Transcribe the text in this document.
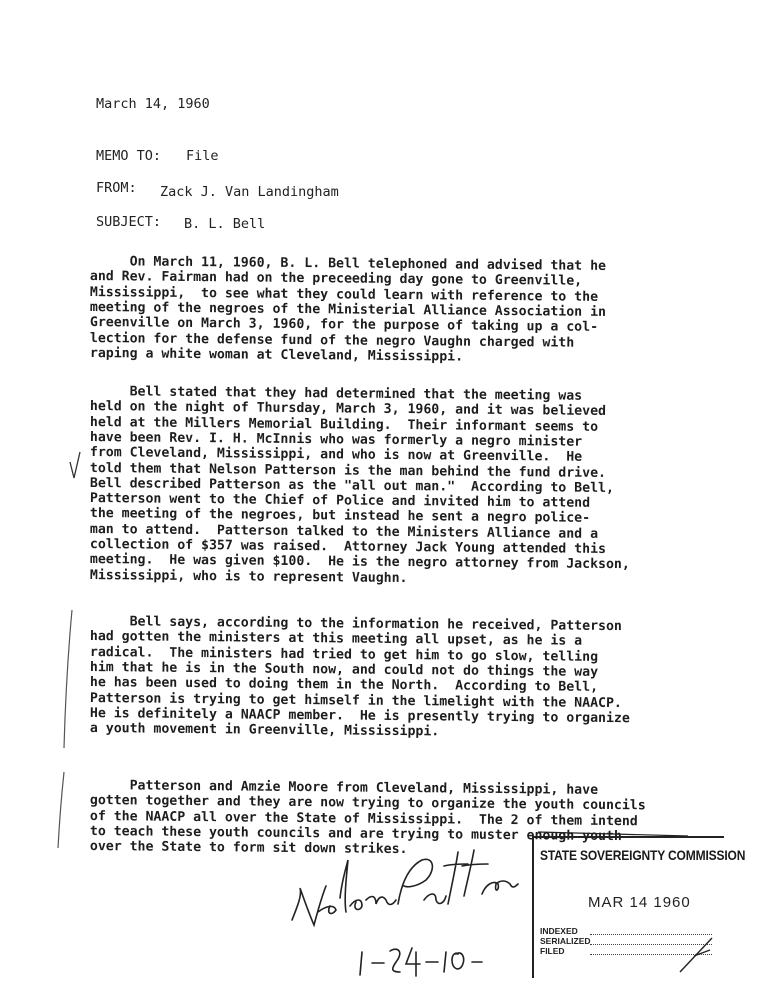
March 14, 1960
MEMO TO: File
FROM: Zack J. Van Landingham
SUBJECT: B. L. Bell
On March 11, 1960, B. L. Bell telephoned and advised that he
and Rev. Fairman had on the preceeding day gone to Greenville,
Mississippi,  to see what they could learn with reference to the
meeting of the negroes of the Ministerial Alliance Association in
Greenville on March 3, 1960, for the purpose of taking up a col-
lection for the defense fund of the negro Vaughn charged with
raping a white woman at Cleveland, Mississippi.
Bell stated that they had determined that the meeting was
held on the night of Thursday, March 3, 1960, and it was believed
held at the Millers Memorial Building.  Their informant seems to
have been Rev. I. H. McInnis who was formerly a negro minister
from Cleveland, Mississippi, and who is now at Greenville.  He
told them that Nelson Patterson is the man behind the fund drive.
Bell described Patterson as the "all out man."  According to Bell,
Patterson went to the Chief of Police and invited him to attend
the meeting of the negroes, but instead he sent a negro police-
man to attend.  Patterson talked to the Ministers Alliance and a
collection of $357 was raised.  Attorney Jack Young attended this
meeting.  He was given $100.  He is the negro attorney from Jackson,
Mississippi, who is to represent Vaughn.
Bell says, according to the information he received, Patterson
had gotten the ministers at this meeting all upset, as he is a
radical.  The ministers had tried to get him to go slow, telling
him that he is in the South now, and could not do things the way
he has been used to doing them in the North.  According to Bell,
Patterson is trying to get himself in the limelight with the NAACP.
He is definitely a NAACP member.  He is presently trying to organize
a youth movement in Greenville, Mississippi.
Patterson and Amzie Moore from Cleveland, Mississippi, have
gotten together and they are now trying to organize the youth councils
of the NAACP all over the State of Mississippi.  The 2 of them intend
to teach these youth councils and are trying to muster enough youth
over the State to form sit down strikes.	STATE SOVEREIGNTY COMMISSION
MAR 14 1960
INDEXED
SERIALIZED
FILED
